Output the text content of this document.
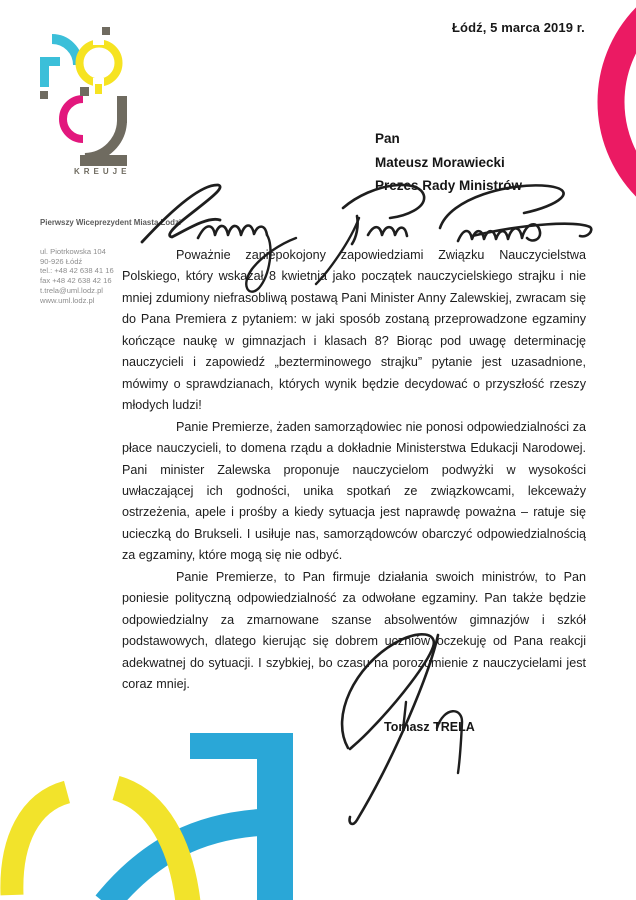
KREUJE
Łódź, 5 marca 2019 r.
Pierwszy Wiceprezydent Miasta Łodzi
ul. Piotrkowska 104
90-926 Łódź
tel.: +48 42 638 41 16
fax +48 42 638 42 16
t.trela@uml.lodz.pl
www.uml.lodz.pl
Pan
Mateusz Morawiecki
Prezes Rady Ministrów

Poważnie zaniepokojony zapowiedziami Związku Nauczycielstwa Polskiego, który wskazał 8 kwietnia jako początek nauczycielskiego strajku i nie mniej zdumiony niefrasobliwą postawą Pani Minister Anny Zalewskiej, zwracam się do Pana Premiera z pytaniem: w jaki sposób zostaną przeprowadzone egzaminy kończące naukę w gimnazjach i klasach 8? Biorąc pod uwagę determinację nauczycieli i zapowiedź „bezterminowego strajku” pytanie jest uzasadnione, mówimy o sprawdzianach, których wynik będzie decydować o przyszłość rzeszy młodych ludzi!

Panie Premierze, żaden samorządowiec nie ponosi odpowiedzialności za płace nauczycieli, to domena rządu a dokładnie Ministerstwa Edukacji Narodowej. Pani minister Zalewska proponuje nauczycielom podwyżki w wysokości uwłaczającej ich godności, unika spotkań ze związkowcami, lekceważy ostrzeżenia, apele i prośby a kiedy sytuacja jest naprawdę poważna – ratuje się ucieczką do Brukseli. I usiłuje nas, samorządowców obarczyć odpowiedzialnością za egzaminy, które mogą się nie odbyć.

Panie Premierze, to Pan firmuje działania swoich ministrów, to Pan poniesie polityczną odpowiedzialność za odwołane egzaminy. Pan także będzie odpowiedzialny za zmarnowane szanse absolwentów gimnazjów i szkół podstawowych, dlatego kierując się dobrem uczniów oczekuję od Pana reakcji adekwatnej do sytuacji. I szybkiej, bo czasu na porozumienie z nauczycielami jest coraz mniej.

Tomasz TRELA
